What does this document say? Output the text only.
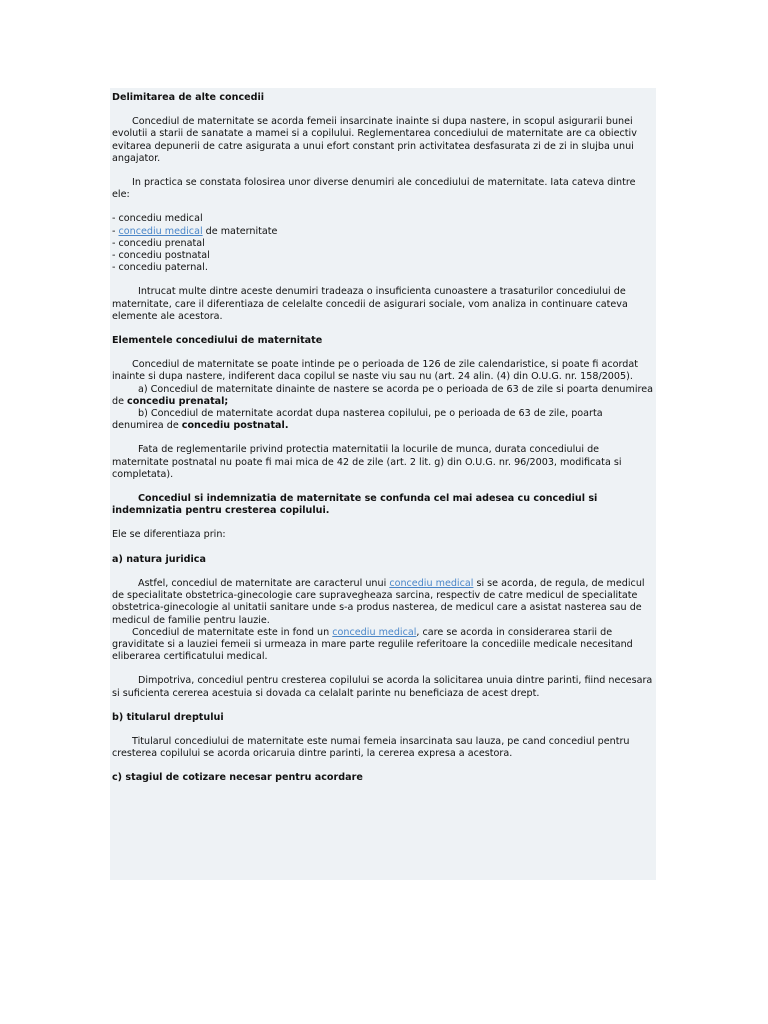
Delimitarea de alte concedii

Concediul de maternitate se acorda femeii insarcinate inainte si dupa nastere, in scopul asigurarii bunei evolutii a starii de sanatate a mamei si a copilului. Reglementarea concediului de maternitate are ca obiectiv evitarea depunerii de catre asigurata a unui efort constant prin activitatea desfasurata zi de zi in slujba unui angajator.

In practica se constata folosirea unor diverse denumiri ale concediului de maternitate. Iata cateva dintre ele:

- concediu medical
- concediu medical de maternitate
- concediu prenatal
- concediu postnatal
- concediu paternal.

Intrucat multe dintre aceste denumiri tradeaza o insuficienta cunoastere a trasaturilor concediului de maternitate, care il diferentiaza de celelalte concedii de asigurari sociale, vom analiza in continuare cateva elemente ale acestora.

Elementele concediului de maternitate

Concediul de maternitate se poate intinde pe o perioada de 126 de zile calendaristice, si poate fi acordat inainte si dupa nastere, indiferent daca copilul se naste viu sau nu (art. 24 alin. (4) din O.U.G. nr. 158/2005).

a) Concediul de maternitate dinainte de nastere se acorda pe o perioada de 63 de zile si poarta denumirea de concediu prenatal;

b) Concediul de maternitate acordat dupa nasterea copilului, pe o perioada de 63 de zile, poarta denumirea de concediu postnatal.

Fata de reglementarile privind protectia maternitatii la locurile de munca, durata concediului de maternitate postnatal nu poate fi mai mica de 42 de zile (art. 2 lit. g) din O.U.G. nr. 96/2003, modificata si completata).

Concediul si indemnizatia de maternitate se confunda cel mai adesea cu concediul si indemnizatia pentru cresterea copilului.

Ele se diferentiaza prin:

a) natura juridica

Astfel, concediul de maternitate are caracterul unui concediu medical si se acorda, de regula, de medicul de specialitate obstetrica-ginecologie care supravegheaza sarcina, respectiv de catre medicul de specialitate obstetrica-ginecologie al unitatii sanitare unde s-a produs nasterea, de medicul care a asistat nasterea sau de medicul de familie pentru lauzie.

Concediul de maternitate este in fond un concediu medical, care se acorda in considerarea starii de graviditate si a lauziei femeii si urmeaza in mare parte regulile referitoare la concediile medicale necesitand eliberarea certificatului medical.

Dimpotriva, concediul pentru cresterea copilului se acorda la solicitarea unuia dintre parinti, fiind necesara si suficienta cererea acestuia si dovada ca celalalt parinte nu beneficiaza de acest drept.

b) titularul dreptului

Titularul concediului de maternitate este numai femeia insarcinata sau lauza, pe cand concediul pentru cresterea copilului se acorda oricaruia dintre parinti, la cererea expresa a acestora.

c) stagiul de cotizare necesar pentru acordare
